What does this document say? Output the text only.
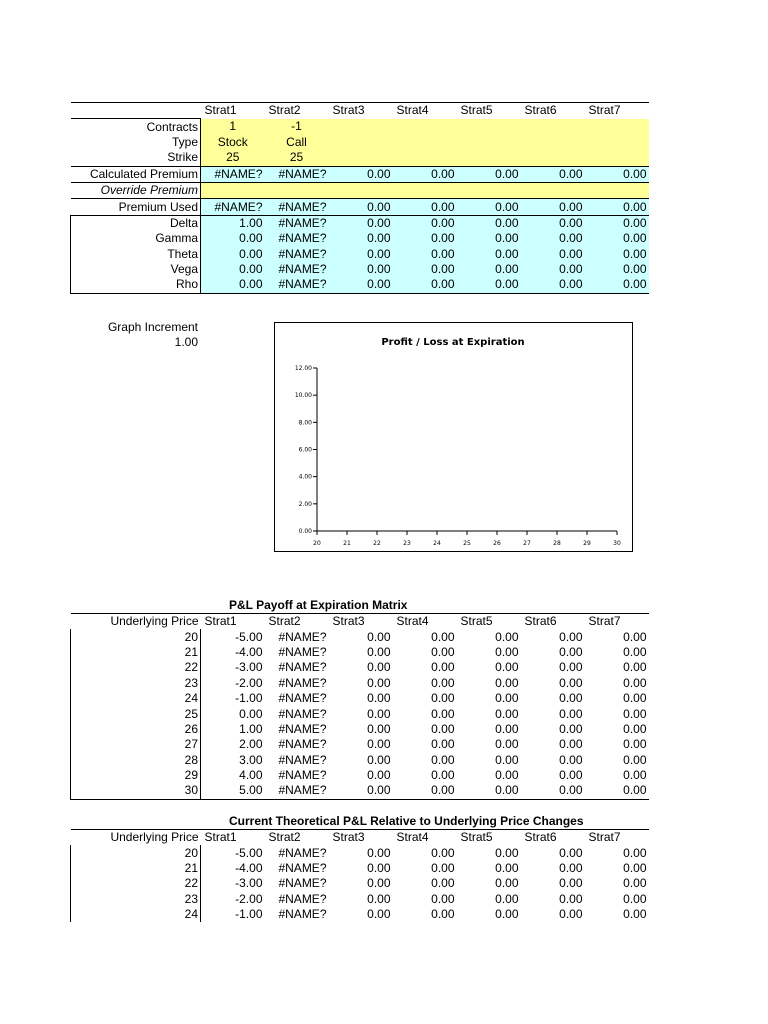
	Strat1	Strat2	Strat3	Strat4	Strat5	Strat6	Strat7
Contracts	1	-1					
Type	Stock	Call					
Strike	25	25					
Calculated Premium	#NAME?	#NAME?	0.00	0.00	0.00	0.00	0.00
Override Premium							
Premium Used	#NAME?	#NAME?	0.00	0.00	0.00	0.00	0.00
Delta	1.00	#NAME?	0.00	0.00	0.00	0.00	0.00
Gamma	0.00	#NAME?	0.00	0.00	0.00	0.00	0.00
Theta	0.00	#NAME?	0.00	0.00	0.00	0.00	0.00
Vega	0.00	#NAME?	0.00	0.00	0.00	0.00	0.00
Rho	0.00	#NAME?	0.00	0.00	0.00	0.00	0.00
Graph Increment
1.00	Profit / Loss at Expiration
0.00
2.00
4.00
6.00
8.00
10.00
12.00
20	21	22	23	24	25	26	27	28	29	30
P&L Payoff at Expiration Matrix
Underlying Price	Strat1	Strat2	Strat3	Strat4	Strat5	Strat6	Strat7
20	-5.00	#NAME?	0.00	0.00	0.00	0.00	0.00
21	-4.00	#NAME?	0.00	0.00	0.00	0.00	0.00
22	-3.00	#NAME?	0.00	0.00	0.00	0.00	0.00
23	-2.00	#NAME?	0.00	0.00	0.00	0.00	0.00
24	-1.00	#NAME?	0.00	0.00	0.00	0.00	0.00
25	0.00	#NAME?	0.00	0.00	0.00	0.00	0.00
26	1.00	#NAME?	0.00	0.00	0.00	0.00	0.00
27	2.00	#NAME?	0.00	0.00	0.00	0.00	0.00
28	3.00	#NAME?	0.00	0.00	0.00	0.00	0.00
29	4.00	#NAME?	0.00	0.00	0.00	0.00	0.00
30	5.00	#NAME?	0.00	0.00	0.00	0.00	0.00
Current Theoretical P&L Relative to Underlying Price Changes
Underlying Price	Strat1	Strat2	Strat3	Strat4	Strat5	Strat6	Strat7
20	-5.00	#NAME?	0.00	0.00	0.00	0.00	0.00
21	-4.00	#NAME?	0.00	0.00	0.00	0.00	0.00
22	-3.00	#NAME?	0.00	0.00	0.00	0.00	0.00
23	-2.00	#NAME?	0.00	0.00	0.00	0.00	0.00
24	-1.00	#NAME?	0.00	0.00	0.00	0.00	0.00
